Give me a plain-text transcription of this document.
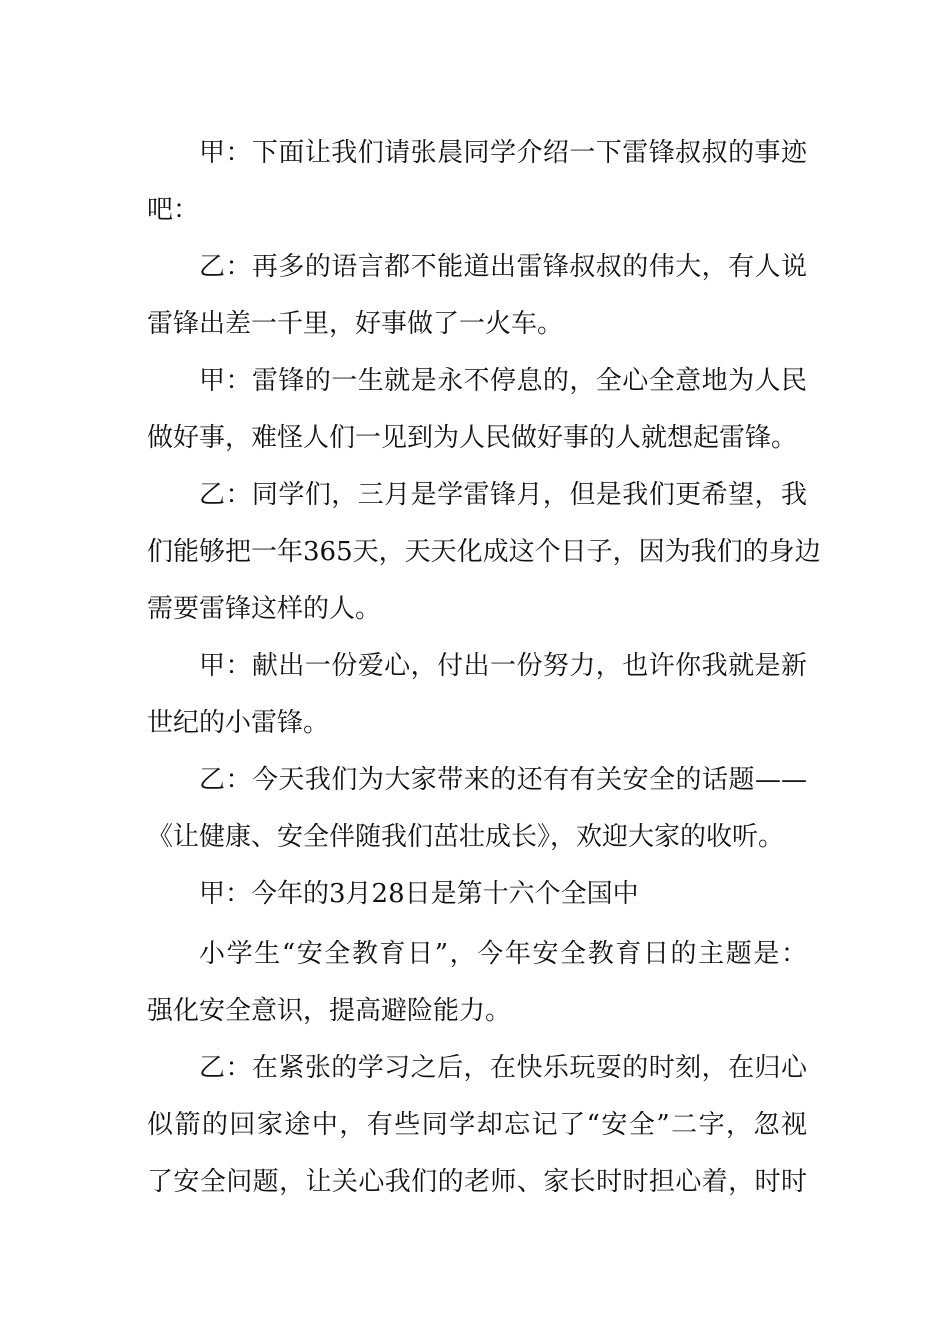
甲：下面让我们请张晨同学介绍一下雷锋叔叔的事迹
吧：
乙：再多的语言都不能道出雷锋叔叔的伟大，有人说
雷锋出差一千里，好事做了一火车。
甲：雷锋的一生就是永不停息的，全心全意地为人民
做好事，难怪人们一见到为人民做好事的人就想起雷锋。
乙：同学们，三月是学雷锋月，但是我们更希望，我
们能够把一年365天，天天化成这个日子，因为我们的身边
需要雷锋这样的人。
甲：献出一份爱心，付出一份努力，也许你我就是新
世纪的小雷锋。
乙：今天我们为大家带来的还有有关安全的话题——
《让健康、安全伴随我们茁壮成长》，欢迎大家的收听。
甲：今年的3月28日是第十六个全国中
小学生“安全教育日”，今年安全教育日的主题是：
强化安全意识，提高避险能力。
乙：在紧张的学习之后，在快乐玩耍的时刻，在归心
似箭的回家途中，有些同学却忘记了“安全”二字，忽视
了安全问题，让关心我们的老师、家长时时担心着，时时
